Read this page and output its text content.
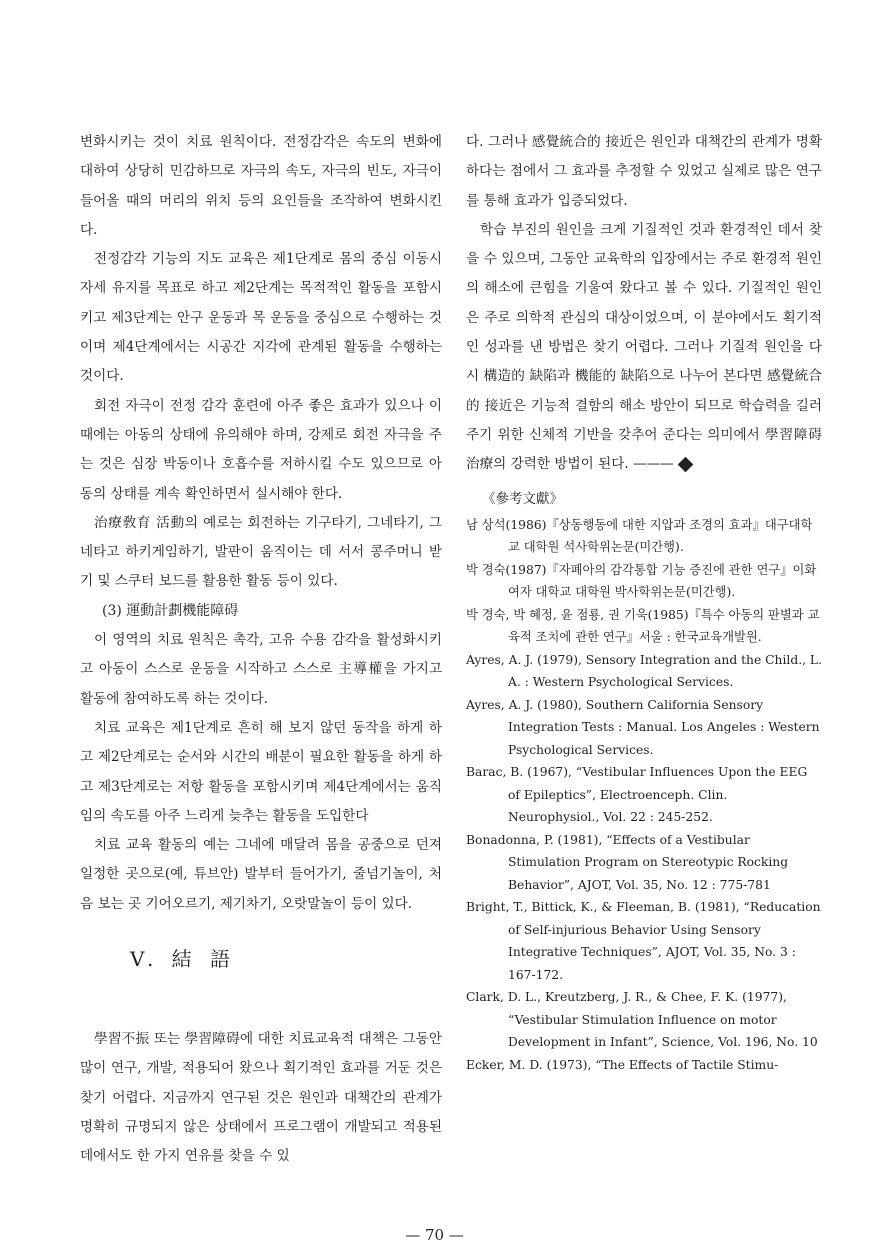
변화시키는 것이 치료 원칙이다. 전정감각은 속도의 변화에 대하여 상당히 민감하므로 자극의 속도, 자극의 빈도, 자극이 들어올 때의 머리의 위치 등의 요인들을 조작하여 변화시킨다.

전정감각 기능의 지도 교육은 제1단계로 몸의 중심 이동시 자세 유지를 목표로 하고 제2단계는 목적적인 활동을 포함시키고 제3단계는 안구 운동과 목 운동을 중심으로 수행하는 것이며 제4단계에서는 시공간 지각에 관계된 활동을 수행하는 것이다.

회전 자극이 전정 감각 훈련에 아주 좋은 효과가 있으나 이때에는 아동의 상태에 유의해야 하며, 강제로 회전 자극을 주는 것은 심장 박동이나 호흡수를 저하시킬 수도 있으므로 아동의 상태를 계속 확인하면서 실시해야 한다.

治療敎育 活動의 예로는 회전하는 기구타기, 그네타기, 그네타고 하키게임하기, 발판이 움직이는 데 서서 콩주머니 받기 및 스쿠터 보드를 활용한 활동 등이 있다.

(3) 運動計劃機能障碍

이 영역의 치료 원칙은 촉각, 고유 수용 감각을 활성화시키고 아동이 스스로 운동을 시작하고 스스로 主導權을 가지고 활동에 참여하도록 하는 것이다.

치료 교육은 제1단계로 흔히 해 보지 않던 동작을 하게 하고 제2단계로는 순서와 시간의 배분이 필요한 활동을 하게 하고 제3단계로는 저항 활동을 포함시키며 제4단계에서는 움직임의 속도를 아주 느리게 늦추는 활동을 도입한다

치료 교육 활동의 예는 그네에 매달려 몸을 공중으로 던져 일정한 곳으로(예, 튜브안) 발부터 들어가기, 줄넘기놀이, 처음 보는 곳 기어오르기, 제기차기, 오랏말놀이 등이 있다.

V. 結 語

學習不振 또는 學習障碍에 대한 치료교육적 대책은 그동안 많이 연구, 개발, 적용되어 왔으나 획기적인 효과를 거둔 것은 찾기 어렵다. 지금까지 연구된 것은 원인과 대책간의 관계가 명확히 규명되지 않은 상태에서 프로그램이 개발되고 적용된 데에서도 한 가지 연유를 찾을 수 있

다. 그러나 感覺統合的 接近은 원인과 대책간의 관계가 명확하다는 점에서 그 효과를 추정할 수 있었고 실제로 많은 연구를 통해 효과가 입증되었다.

학습 부진의 원인을 크게 기질적인 것과 환경적인 데서 찾을 수 있으며, 그동안 교육학의 입장에서는 주로 환경적 원인의 해소에 큰힘을 기울여 왔다고 볼 수 있다. 기질적인 원인은 주로 의학적 관심의 대상이었으며, 이 분야에서도 획기적인 성과를 낸 방법은 찾기 어렵다. 그러나 기질적 원인을 다시 構造的 缺陷과 機能的 缺陷으로 나누어 본다면 感覺統合的 接近은 기능적 결함의 해소 방안이 되므로 학습력을 길러 주기 위한 신체적 기반을 갖추어 준다는 의미에서 學習障碍 治療의 강력한 방법이 된다. ———

《參考文獻》

남 상석(1986)『상동행동에 대한 지압과 조경의 효과』대구대학교 대학원 석사학위논문(미간행).

박 경숙(1987)『자폐아의 감각통합 기능 증진에 관한 연구』이화여자 대학교 대학원 박사학위논문(미간행).

박 경숙, 박 혜정, 윤 점룡, 권 기욱(1985)『특수 아동의 판별과 교육적 조치에 관한 연구』서울 : 한국교육개발원.

Ayres, A. J. (1979), Sensory Integration and the Child., L. A. : Western Psychological Services.

Ayres, A. J. (1980), Southern California Sensory Integration Tests : Manual. Los Angeles : Western Psychological Services.

Barac, B. (1967), “Vestibular Influences Upon the EEG of Epileptics”, Electroenceph. Clin. Neurophysiol., Vol. 22 : 245-252.

Bonadonna, P. (1981), “Effects of a Vestibular Stimulation Program on Stereotypic Rocking Behavior”, AJOT, Vol. 35, No. 12 : 775-781

Bright, T., Bittick, K., & Fleeman, B. (1981), “Reducation of Self-injurious Behavior Using Sensory Integrative Techniques”, AJOT, Vol. 35, No. 3 : 167-172.

Clark, D. L., Kreutzberg, J. R., & Chee, F. K. (1977), “Vestibular Stimulation Influence on motor Development in Infant”, Science, Vol. 196, No. 10

Ecker, M. D. (1973), “The Effects of Tactile Stimu-

— 70 —
